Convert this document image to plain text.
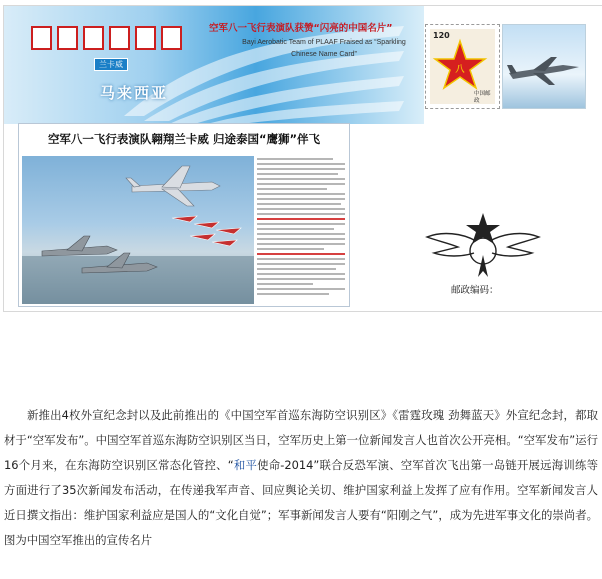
空军八一飞行表演队获赞“闪亮的中国名片”
Bayi Aerobatic Team of PLAAF Fraised as “Sparkling Chinese Name Card”
兰卡威
马来西亚
空军八一飞行表演队翱翔兰卡威 归途泰国“鹰狮”伴飞
120
八
中国邮政
邮政编码：

新推出4枚外宣纪念封以及此前推出的《中国空军首巡东海防空识别区》《雷霆玫瑰 劲舞蓝天》外宣纪念封，都取材于“空军发布”。中国空军首巡东海防空识别区当日，空军历史上第一位新闻发言人也首次公开亮相。“空军发布”运行16个月来，在东海防空识别区常态化管控、“和平使命-2014”联合反恐军演、空军首次飞出第一岛链开展远海训练等方面进行了35次新闻发布活动，在传递我军声音、回应舆论关切、维护国家利益上发挥了应有作用。空军新闻发言人近日撰文指出：维护国家利益应是国人的“文化自觉”；军事新闻发言人要有“阳刚之气”，成为先进军事文化的崇尚者。图为中国空军推出的宣传名片
